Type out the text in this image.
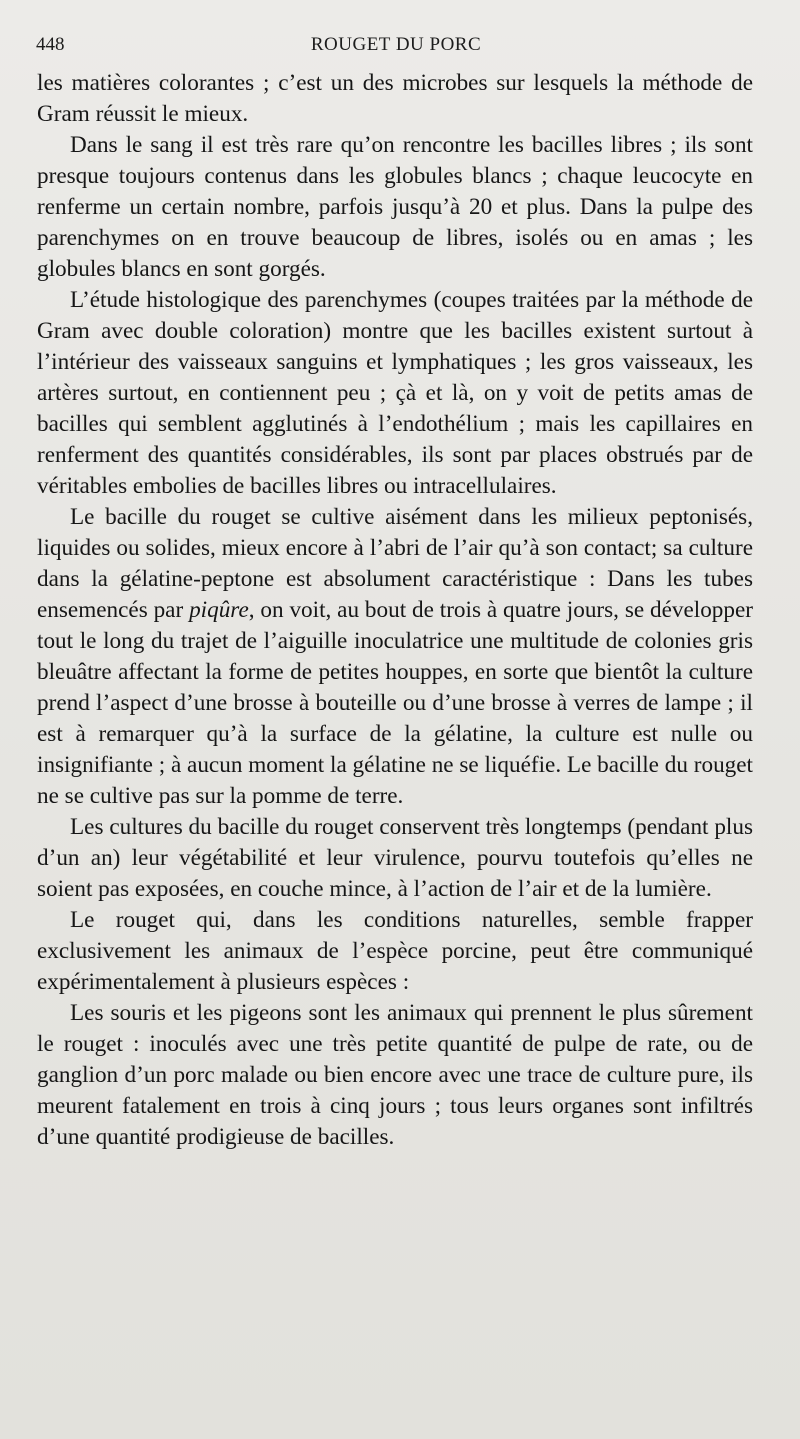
448	ROUGET DU PORC

les matières colorantes ; c’est un des microbes sur lesquels la méthode de Gram réussit le mieux.

Dans le sang il est très rare qu’on rencontre les bacilles libres ; ils sont presque toujours contenus dans les globules blancs ; chaque leucocyte en renferme un certain nombre, parfois jusqu’à 20 et plus. Dans la pulpe des parenchymes on en trouve beaucoup de libres, isolés ou en amas ; les globules blancs en sont gorgés.

L’étude histologique des parenchymes (coupes traitées par la méthode de Gram avec double coloration) montre que les bacilles existent surtout à l’intérieur des vaisseaux sanguins et lymphatiques ; les gros vaisseaux, les artères surtout, en contiennent peu ; çà et là, on y voit de petits amas de bacilles qui semblent agglutinés à l’endothélium ; mais les capillaires en renferment des quantités considérables, ils sont par places obstrués par de véritables embolies de bacilles libres ou intracellulaires.

Le bacille du rouget se cultive aisément dans les milieux peptonisés, liquides ou solides, mieux encore à l’abri de l’air qu’à son contact; sa culture dans la gélatine-peptone est absolument caractéristique : Dans les tubes ensemencés par piqûre, on voit, au bout de trois à quatre jours, se développer tout le long du trajet de l’aiguille inoculatrice une multitude de colonies gris bleuâtre affectant la forme de petites houppes, en sorte que bientôt la culture prend l’aspect d’une brosse à bouteille ou d’une brosse à verres de lampe ; il est à remarquer qu’à la surface de la gélatine, la culture est nulle ou insignifiante ; à aucun moment la gélatine ne se liquéfie. Le bacille du rouget ne se cultive pas sur la pomme de terre.

Les cultures du bacille du rouget conservent très longtemps (pendant plus d’un an) leur végétabilité et leur virulence, pourvu toutefois qu’elles ne soient pas exposées, en couche mince, à l’action de l’air et de la lumière.

Le rouget qui, dans les conditions naturelles, semble frapper exclusivement les animaux de l’espèce porcine, peut être communiqué expérimentalement à plusieurs espèces :

Les souris et les pigeons sont les animaux qui prennent le plus sûrement le rouget : inoculés avec une très petite quantité de pulpe de rate, ou de ganglion d’un porc malade ou bien encore avec une trace de culture pure, ils meurent fatalement en trois à cinq jours ; tous leurs organes sont infiltrés d’une quantité prodigieuse de bacilles.
